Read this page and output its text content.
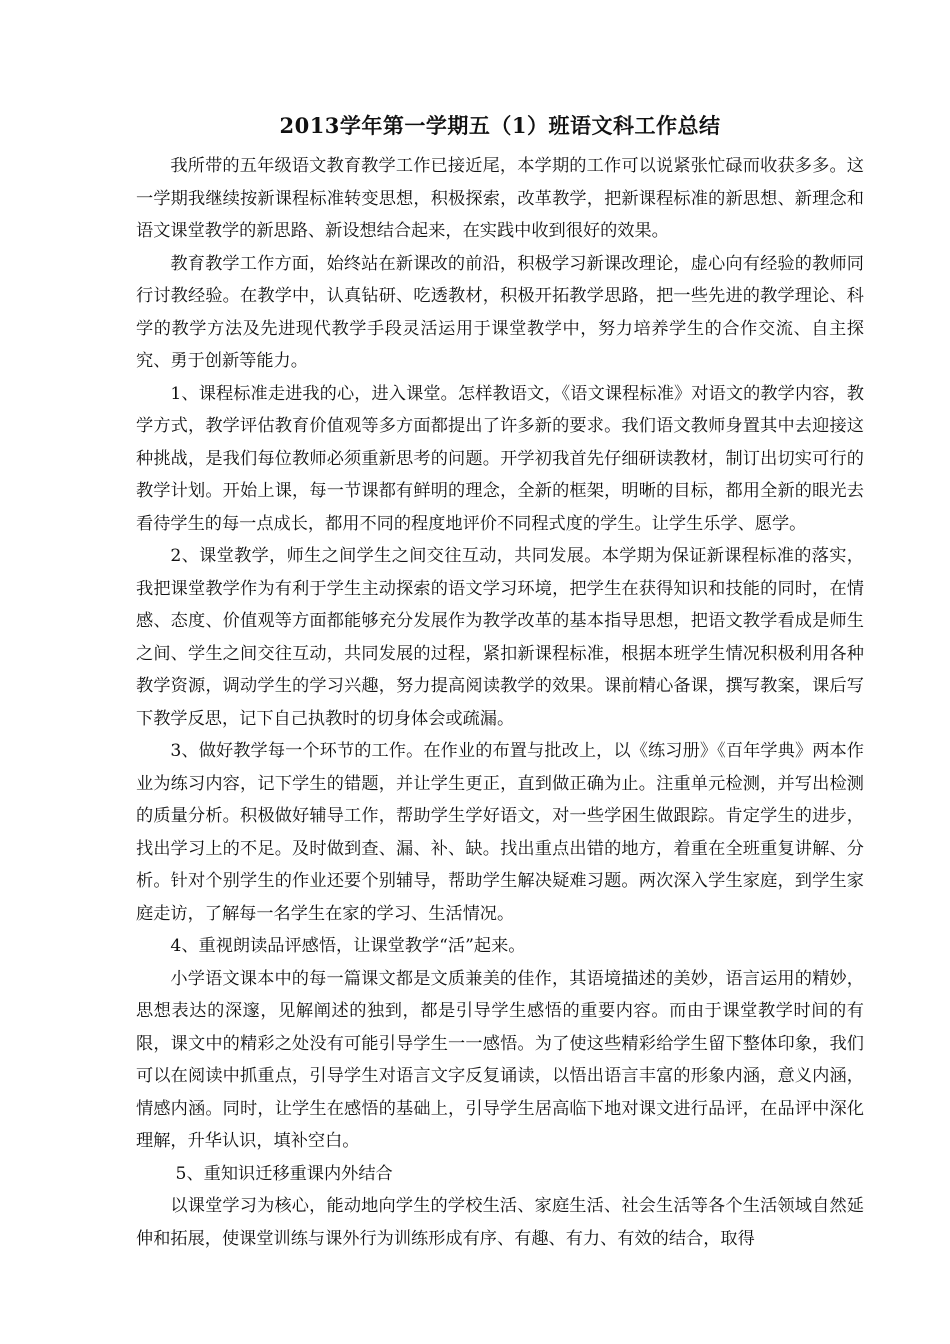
2013学年第一学期五（1）班语文科工作总结

我所带的五年级语文教育教学工作已接近尾，本学期的工作可以说紧张忙碌而收获多多。这一学期我继续按新课程标准转变思想，积极探索，改革教学，把新课程标准的新思想、新理念和语文课堂教学的新思路、新设想结合起来，在实践中收到很好的效果。

教育教学工作方面，始终站在新课改的前沿，积极学习新课改理论，虚心向有经验的教师同行讨教经验。在教学中，认真钻研、吃透教材，积极开拓教学思路，把一些先进的教学理论、科学的教学方法及先进现代教学手段灵活运用于课堂教学中，努力培养学生的合作交流、自主探究、勇于创新等能力。

1、课程标准走进我的心，进入课堂。怎样教语文，《语文课程标准》对语文的教学内容，教学方式，教学评估教育价值观等多方面都提出了许多新的要求。我们语文教师身置其中去迎接这种挑战，是我们每位教师必须重新思考的问题。开学初我首先仔细研读教材，制订出切实可行的教学计划。开始上课，每一节课都有鲜明的理念，全新的框架，明晰的目标，都用全新的眼光去看待学生的每一点成长，都用不同的程度地评价不同程式度的学生。让学生乐学、愿学。

2、课堂教学，师生之间学生之间交往互动，共同发展。本学期为保证新课程标准的落实，我把课堂教学作为有利于学生主动探索的语文学习环境，把学生在获得知识和技能的同时，在情感、态度、价值观等方面都能够充分发展作为教学改革的基本指导思想，把语文教学看成是师生之间、学生之间交往互动，共同发展的过程，紧扣新课程标准，根据本班学生情况积极利用各种教学资源，调动学生的学习兴趣，努力提高阅读教学的效果。课前精心备课，撰写教案，课后写下教学反思，记下自己执教时的切身体会或疏漏。

3、做好教学每一个环节的工作。在作业的布置与批改上，以《练习册》《百年学典》两本作业为练习内容，记下学生的错题，并让学生更正，直到做正确为止。注重单元检测，并写出检测的质量分析。积极做好辅导工作，帮助学生学好语文，对一些学困生做跟踪。肯定学生的进步，找出学习上的不足。及时做到查、漏、补、缺。找出重点出错的地方，着重在全班重复讲解、分析。针对个别学生的作业还要个别辅导，帮助学生解决疑难习题。两次深入学生家庭，到学生家庭走访，了解每一名学生在家的学习、生活情况。

4、重视朗读品评感悟，让课堂教学“活”起来。

小学语文课本中的每一篇课文都是文质兼美的佳作，其语境描述的美妙，语言运用的精妙，思想表达的深邃，见解阐述的独到，都是引导学生感悟的重要内容。而由于课堂教学时间的有限，课文中的精彩之处没有可能引导学生一一感悟。为了使这些精彩给学生留下整体印象，我们可以在阅读中抓重点，引导学生对语言文字反复诵读，以悟出语言丰富的形象内涵，意义内涵，情感内涵。同时，让学生在感悟的基础上，引导学生居高临下地对课文进行品评，在品评中深化理解，升华认识，填补空白。

5、重知识迁移重课内外结合

以课堂学习为核心，能动地向学生的学校生活、家庭生活、社会生活等各个生活领域自然延伸和拓展，使课堂训练与课外行为训练形成有序、有趣、有力、有效的结合，取得
